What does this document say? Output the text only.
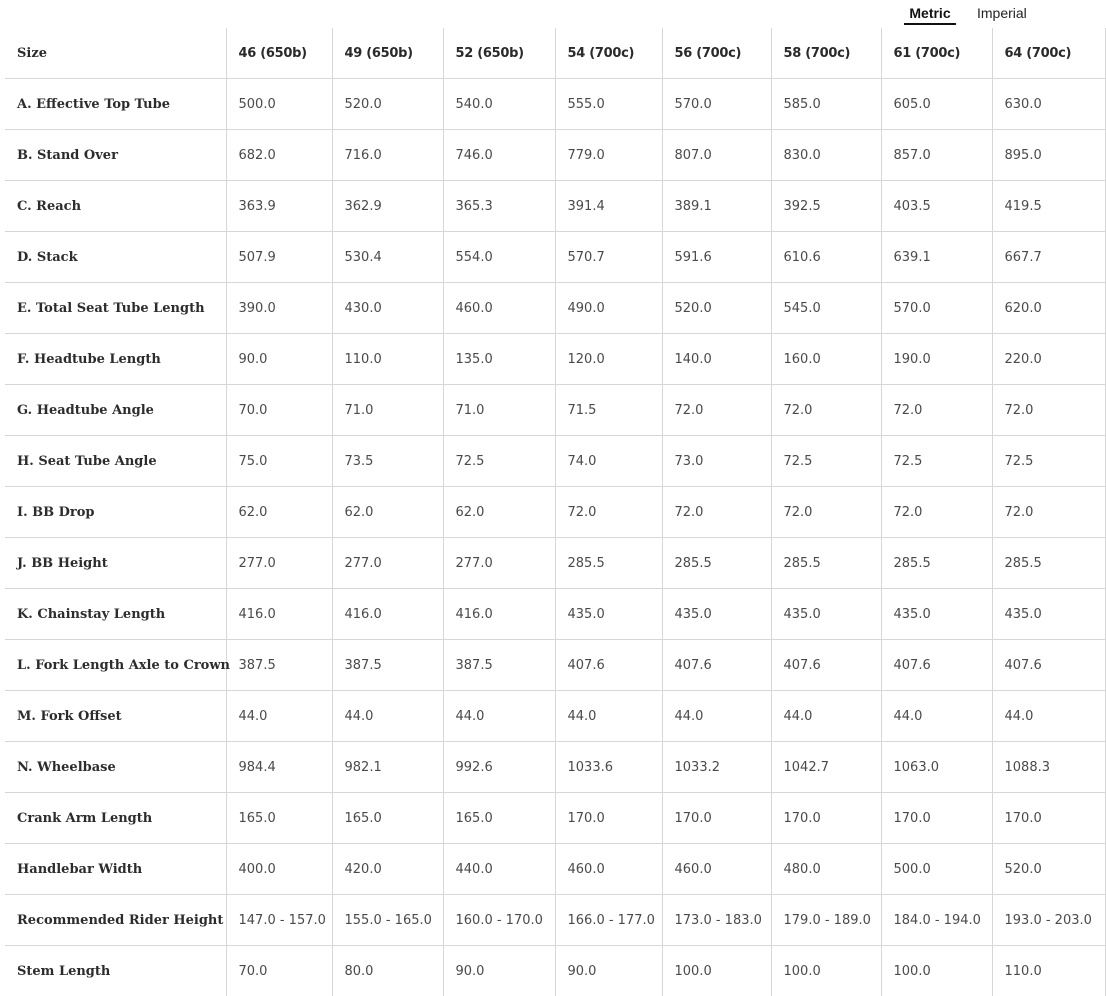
Metric	Imperial
Size	46 (650b)	49 (650b)	52 (650b)	54 (700c)	56 (700c)	58 (700c)	61 (700c)	64 (700c)
A. Effective Top Tube	500.0	520.0	540.0	555.0	570.0	585.0	605.0	630.0
B. Stand Over	682.0	716.0	746.0	779.0	807.0	830.0	857.0	895.0
C. Reach	363.9	362.9	365.3	391.4	389.1	392.5	403.5	419.5
D. Stack	507.9	530.4	554.0	570.7	591.6	610.6	639.1	667.7
E. Total Seat Tube Length	390.0	430.0	460.0	490.0	520.0	545.0	570.0	620.0
F. Headtube Length	90.0	110.0	135.0	120.0	140.0	160.0	190.0	220.0
G. Headtube Angle	70.0	71.0	71.0	71.5	72.0	72.0	72.0	72.0
H. Seat Tube Angle	75.0	73.5	72.5	74.0	73.0	72.5	72.5	72.5
I. BB Drop	62.0	62.0	62.0	72.0	72.0	72.0	72.0	72.0
J. BB Height	277.0	277.0	277.0	285.5	285.5	285.5	285.5	285.5
K. Chainstay Length	416.0	416.0	416.0	435.0	435.0	435.0	435.0	435.0
L. Fork Length Axle to Crown	387.5	387.5	387.5	407.6	407.6	407.6	407.6	407.6
M. Fork Offset	44.0	44.0	44.0	44.0	44.0	44.0	44.0	44.0
N. Wheelbase	984.4	982.1	992.6	1033.6	1033.2	1042.7	1063.0	1088.3
Crank Arm Length	165.0	165.0	165.0	170.0	170.0	170.0	170.0	170.0
Handlebar Width	400.0	420.0	440.0	460.0	460.0	480.0	500.0	520.0
Recommended Rider Height	147.0 - 157.0	155.0 - 165.0	160.0 - 170.0	166.0 - 177.0	173.0 - 183.0	179.0 - 189.0	184.0 - 194.0	193.0 - 203.0
Stem Length	70.0	80.0	90.0	90.0	100.0	100.0	100.0	110.0
